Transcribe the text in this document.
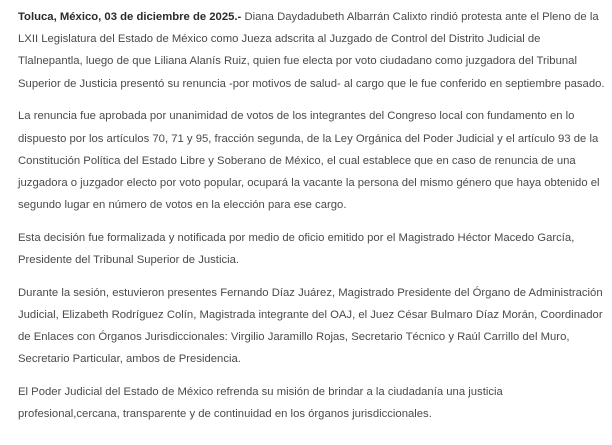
Toluca, México, 03 de diciembre de 2025.- Diana Daydadubeth Albarrán Calixto rindió protesta ante el Pleno de la LXII Legislatura del Estado de México como Jueza adscrita al Juzgado de Control del Distrito Judicial de Tlalnepantla, luego de que Liliana Alanís Ruiz, quien fue electa por voto ciudadano como juzgadora del Tribunal Superior de Justicia presentó su renuncia -por motivos de salud- al cargo que le fue conferido en septiembre pasado.

La renuncia fue aprobada por unanimidad de votos de los integrantes del Congreso local con fundamento en lo dispuesto por los artículos 70, 71 y 95, fracción segunda, de la Ley Orgánica del Poder Judicial y el artículo 93 de la Constitución Política del Estado Libre y Soberano de México, el cual establece que en caso de renuncia de una juzgadora o juzgador electo por voto popular, ocupará la vacante la persona del mismo género que haya obtenido el segundo lugar en número de votos en la elección para ese cargo.

Esta decisión fue formalizada y notificada por medio de oficio emitido por el Magistrado Héctor Macedo García, Presidente del Tribunal Superior de Justicia.

Durante la sesión, estuvieron presentes Fernando Díaz Juárez, Magistrado Presidente del Órgano de Administración Judicial, Elizabeth Rodríguez Colín, Magistrada integrante del OAJ, el Juez César Bulmaro Díaz Morán, Coordinador de Enlaces con Órganos Jurisdiccionales: Virgilio Jaramillo Rojas, Secretario Técnico y Raúl Carrillo del Muro, Secretario Particular, ambos de Presidencia.

El Poder Judicial del Estado de México refrenda su misión de brindar a la ciudadanía una justicia profesional,cercana, transparente y de continuidad en los órganos jurisdiccionales.
